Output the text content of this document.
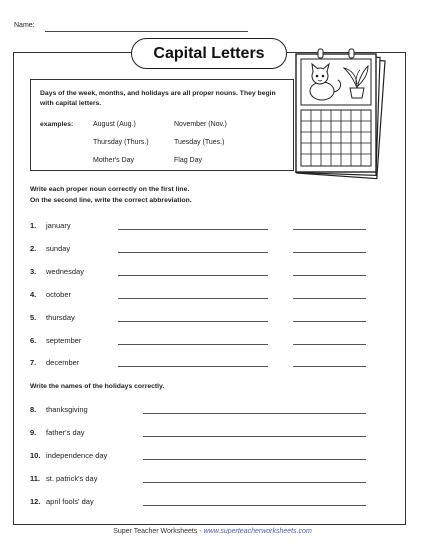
Name:
Capital Letters
Days of the week, months, and holidays are all proper nouns. They begin with capital letters.
examples:	August (Aug.)	November (Nov.)
Thursday (Thurs.)	Tuesday (Tues.)
Mother's Day	Flag Day
Write each proper noun correctly on the first line.
On the second line, write the correct abbreviation.
1. january
2. sunday
3. wednesday
4. october
5. thursday
6. september
7. december
Write the names of the holidays correctly.
8. thanksgiving
9. father's day
10. independence day
11. st. patrick's day
12. april fools' day
Super Teacher Worksheets - www.superteacherworksheets.com
